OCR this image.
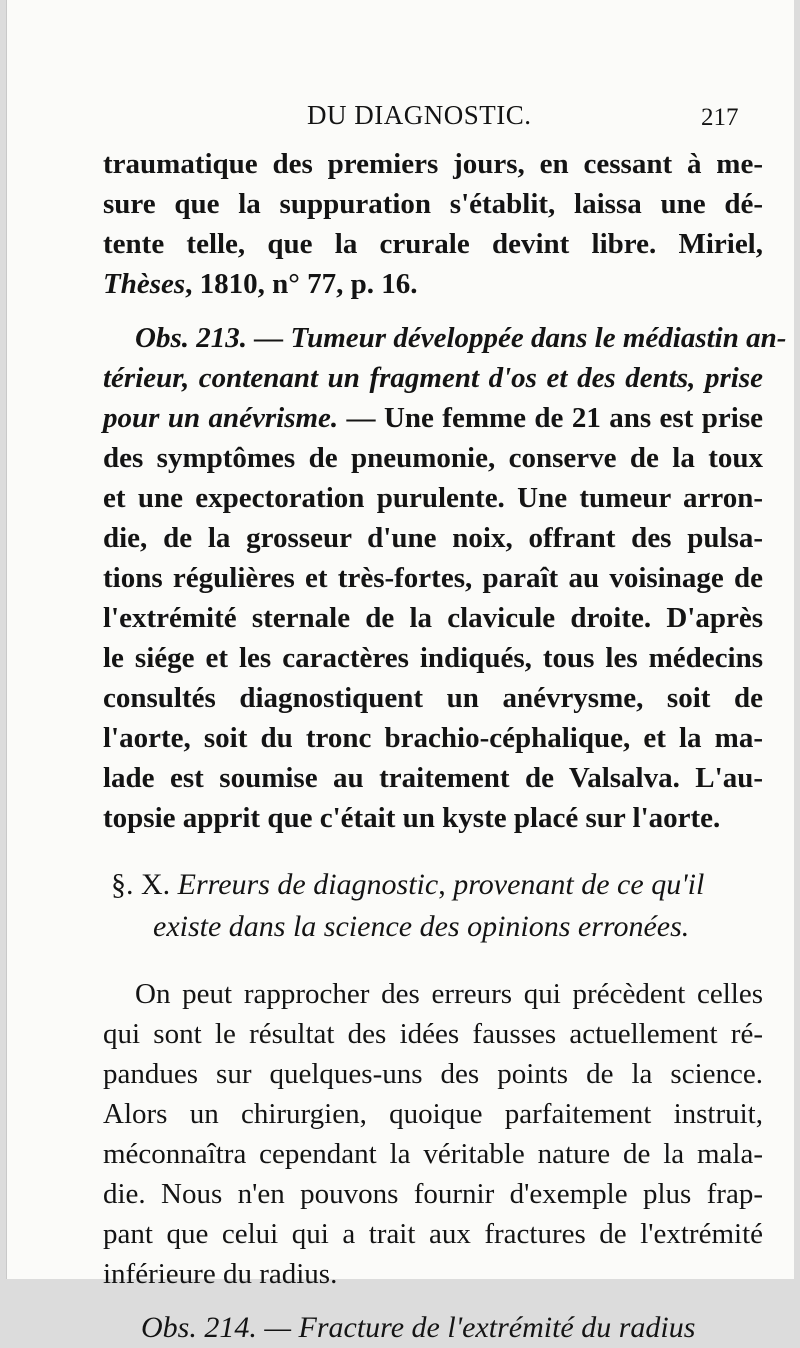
DU DIAGNOSTIC.	217
traumatique des premiers jours, en cessant à me-
sure que la suppuration s'établit, laissa une dé-
tente telle, que la crurale devint libre. Miriel,
Thèses, 1810, n° 77, p. 16.
Obs. 213. — Tumeur développée dans le médiastin an-
térieur, contenant un fragment d'os et des dents, prise
pour un anévrisme. — Une femme de 21 ans est prise
des symptômes de pneumonie, conserve de la toux
et une expectoration purulente. Une tumeur arron-
die, de la grosseur d'une noix, offrant des pulsa-
tions régulières et très-fortes, paraît au voisinage de
l'extrémité sternale de la clavicule droite. D'après
le siége et les caractères indiqués, tous les médecins
consultés diagnostiquent un anévrysme, soit de
l'aorte, soit du tronc brachio-céphalique, et la ma-
lade est soumise au traitement de Valsalva. L'au-
topsie apprit que c'était un kyste placé sur l'aorte.
§. X. Erreurs de diagnostic, provenant de ce qu'il
existe dans la science des opinions erronées.
On peut rapprocher des erreurs qui précèdent celles
qui sont le résultat des idées fausses actuellement ré-
pandues sur quelques-uns des points de la science.
Alors un chirurgien, quoique parfaitement instruit,
méconnaîtra cependant la véritable nature de la mala-
die. Nous n'en pouvons fournir d'exemple plus frap-
pant que celui qui a trait aux fractures de l'extrémité
inférieure du radius.
Obs. 214. — Fracture de l'extrémité du radius
